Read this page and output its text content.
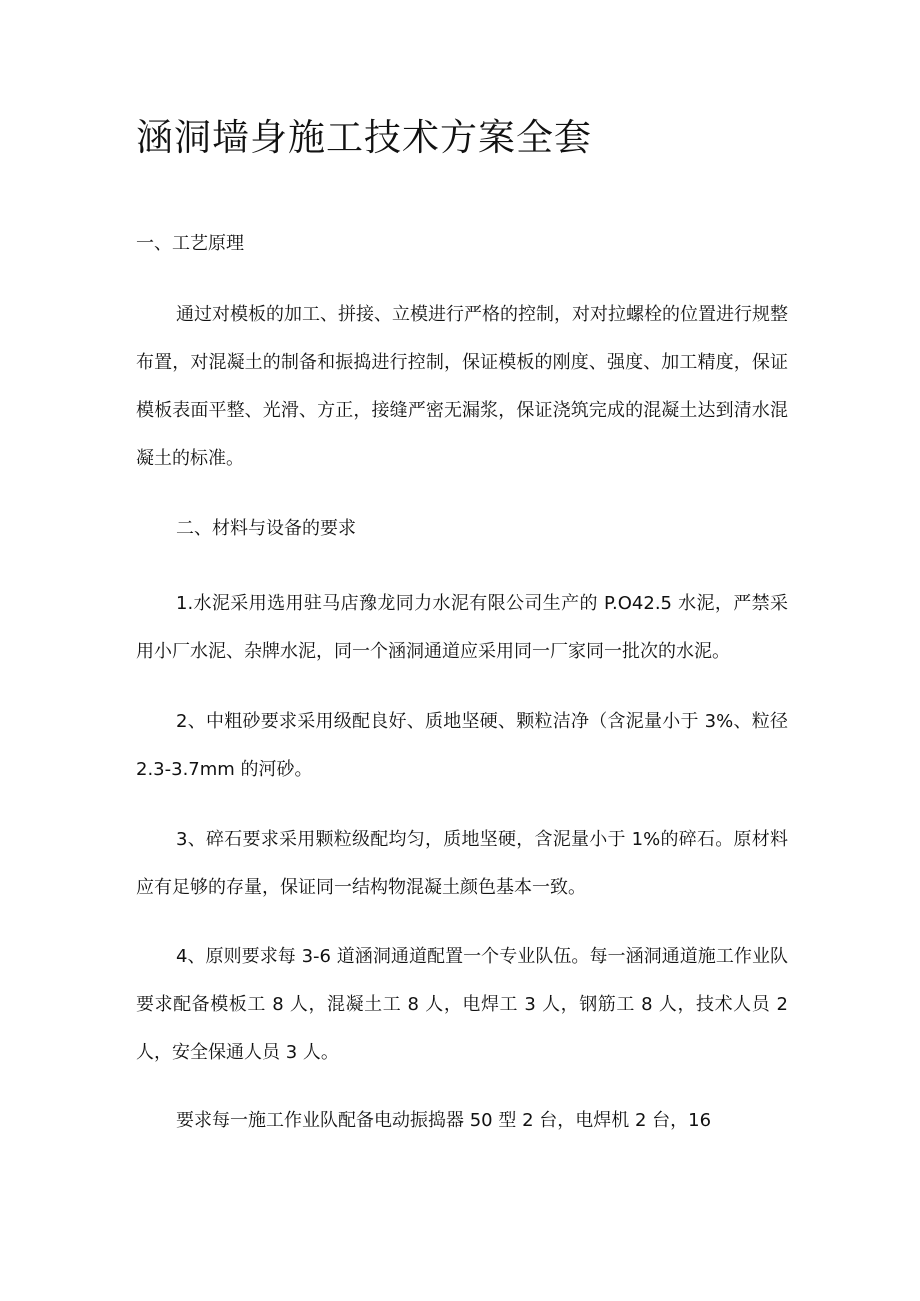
涵洞墙身施工技术方案全套
一、工艺原理

通过对模板的加工、拼接、立模进行严格的控制，对对拉螺栓的位置进行规整布置，对混凝土的制备和振捣进行控制，保证模板的刚度、强度、加工精度，保证模板表面平整、光滑、方正，接缝严密无漏浆，保证浇筑完成的混凝土达到清水混凝土的标准。

二、材料与设备的要求

1.水泥采用选用驻马店豫龙同力水泥有限公司生产的 P.O42.5 水泥，严禁采用小厂水泥、杂牌水泥，同一个涵洞通道应采用同一厂家同一批次的水泥。

2、中粗砂要求采用级配良好、质地坚硬、颗粒洁净（含泥量小于 3%、粒径 2.3-3.7mm 的河砂。

3、碎石要求采用颗粒级配均匀，质地坚硬，含泥量小于 1%的碎石。原材料应有足够的存量，保证同一结构物混凝土颜色基本一致。

4、原则要求每 3-6 道涵洞通道配置一个专业队伍。每一涵洞通道施工作业队要求配备模板工 8 人，混凝土工 8 人，电焊工 3 人，钢筋工 8 人，技术人员 2 人，安全保通人员 3 人。

要求每一施工作业队配备电动振捣器 50 型 2 台，电焊机 2 台，16
